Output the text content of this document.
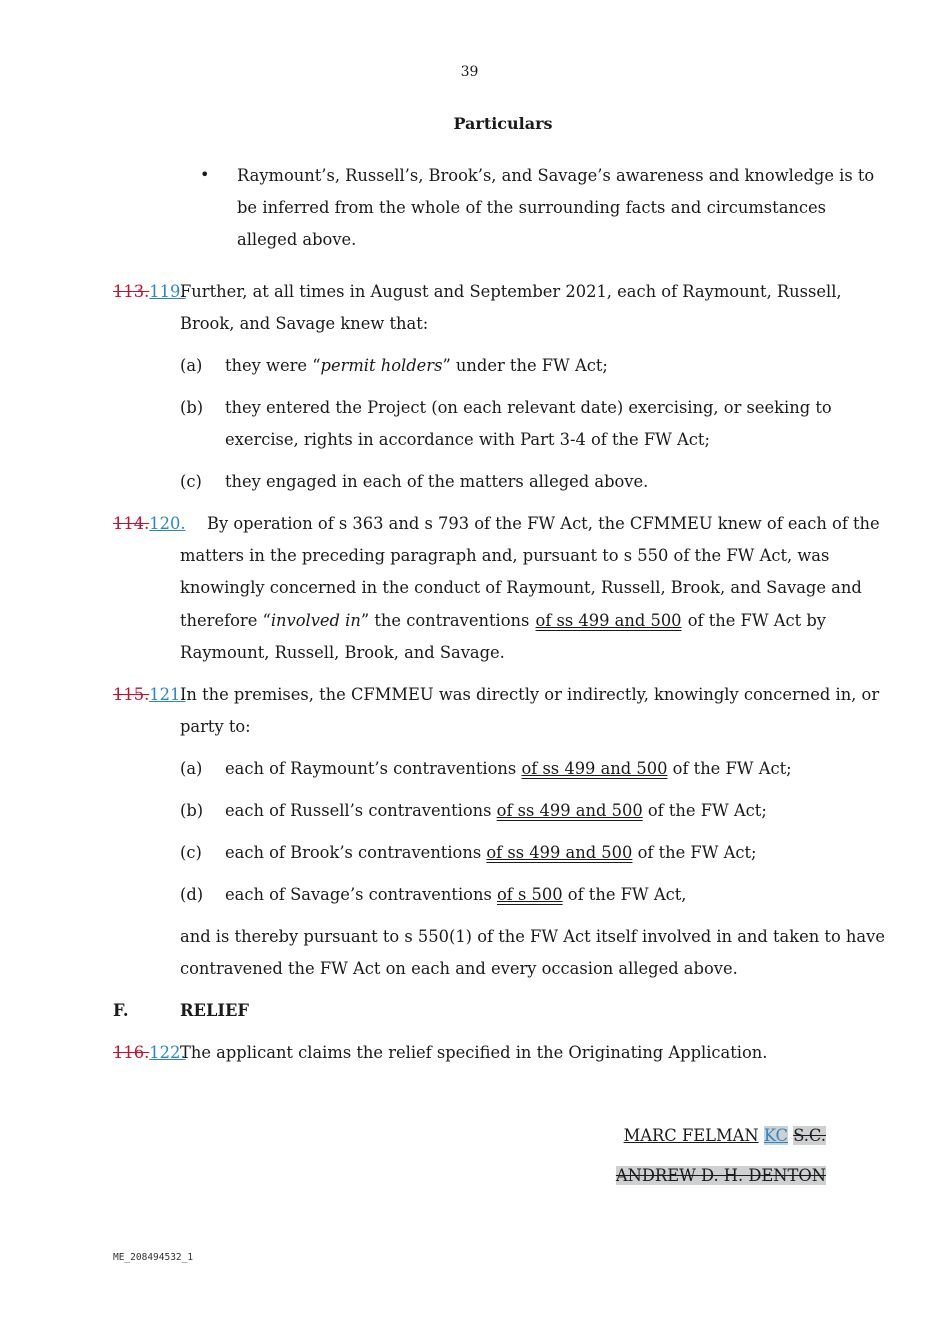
39
Particulars
• Raymount’s, Russell’s, Brook’s, and Savage’s awareness and knowledge is to
be inferred from the whole of the surrounding facts and circumstances
alleged above.
113.119.
Further, at all times in August and September 2021, each of Raymount, Russell,
Brook, and Savage knew that:
(a) they were “permit holders” under the FW Act;
(b) they entered the Project (on each relevant date) exercising, or seeking to
exercise, rights in accordance with Part 3-4 of the FW Act;
(c) they engaged in each of the matters alleged above.
114.120. By operation of s 363 and s 793 of the FW Act, the CFMMEU knew of each of the
matters in the preceding paragraph and, pursuant to s 550 of the FW Act, was
knowingly concerned in the conduct of Raymount, Russell, Brook, and Savage and
therefore “involved in” the contraventions of ss 499 and 500 of the FW Act by
Raymount, Russell, Brook, and Savage.
115.121.
In the premises, the CFMMEU was directly or indirectly, knowingly concerned in, or
party to:
(a) each of Raymount’s contraventions of ss 499 and 500 of the FW Act;
(b) each of Russell’s contraventions of ss 499 and 500 of the FW Act;
(c) each of Brook’s contraventions of ss 499 and 500 of the FW Act;
(d) each of Savage’s contraventions of s 500 of the FW Act,
and is thereby pursuant to s 550(1) of the FW Act itself involved in and taken to have
contravened the FW Act on each and every occasion alleged above.
F.	RELIEF
116.122.
The applicant claims the relief specified in the Originating Application.
MARC FELMAN KC S.C.
ANDREW D. H. DENTON
ME_208494532_1
